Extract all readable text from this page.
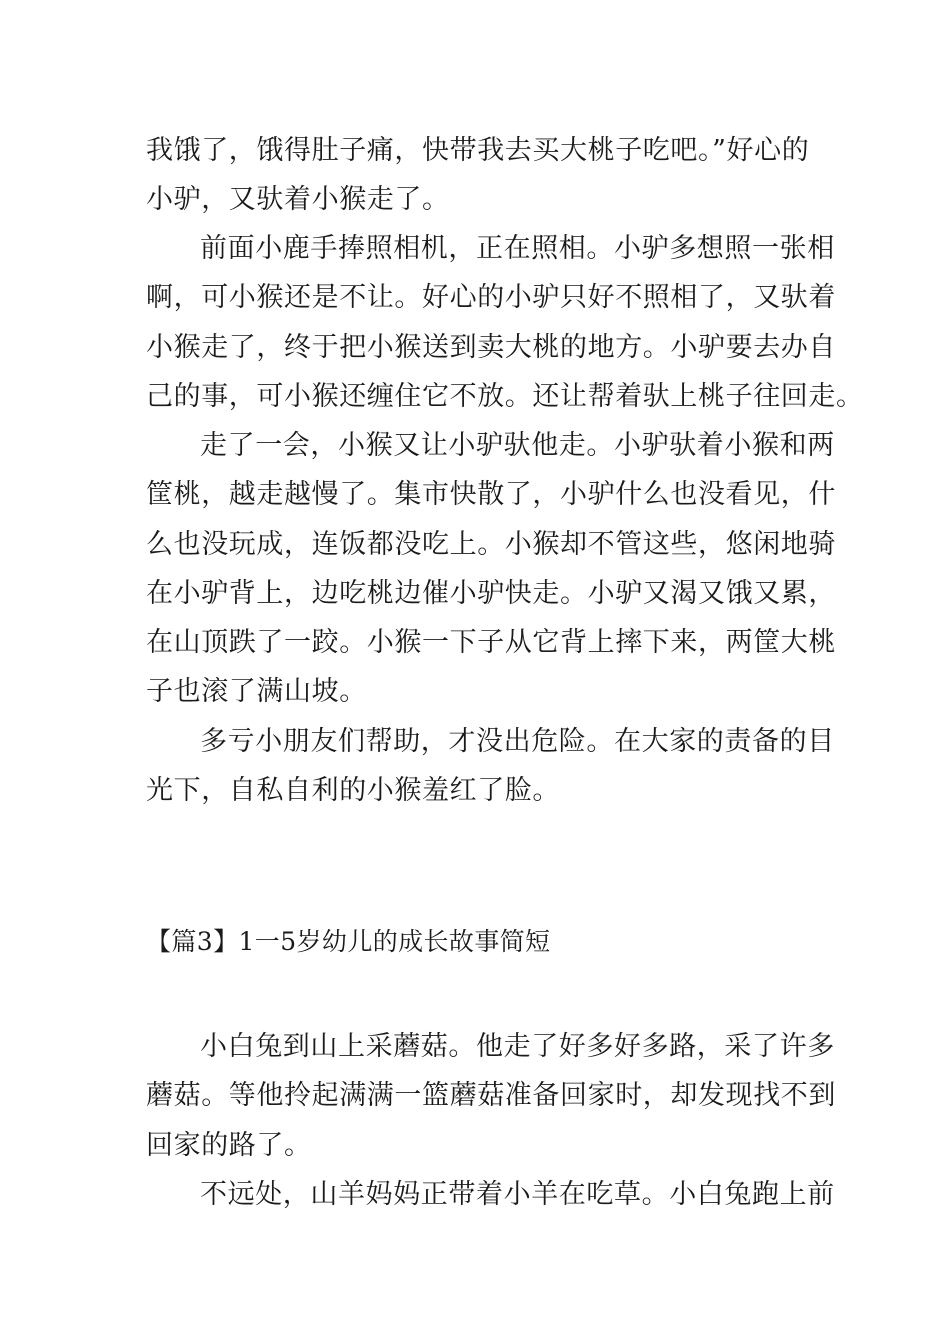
我饿了，饿得肚子痛，快带我去买大桃子吃吧。”好心的
小驴，又驮着小猴走了。
前面小鹿手捧照相机，正在照相。小驴多想照一张相
啊，可小猴还是不让。好心的小驴只好不照相了，又驮着
小猴走了，终于把小猴送到卖大桃的地方。小驴要去办自
己的事，可小猴还缠住它不放。还让帮着驮上桃子往回走。
走了一会，小猴又让小驴驮他走。小驴驮着小猴和两
筐桃，越走越慢了。集市快散了，小驴什么也没看见，什
么也没玩成，连饭都没吃上。小猴却不管这些，悠闲地骑
在小驴背上，边吃桃边催小驴快走。小驴又渴又饿又累，
在山顶跌了一跤。小猴一下子从它背上摔下来，两筐大桃
子也滚了满山坡。
多亏小朋友们帮助，才没出危险。在大家的责备的目
光下，自私自利的小猴羞红了脸。
【篇3】1一5岁幼儿的成长故事简短
小白兔到山上采蘑菇。他走了好多好多路，采了许多
蘑菇。等他拎起满满一篮蘑菇准备回家时，却发现找不到
回家的路了。
不远处，山羊妈妈正带着小羊在吃草。小白兔跑上前
